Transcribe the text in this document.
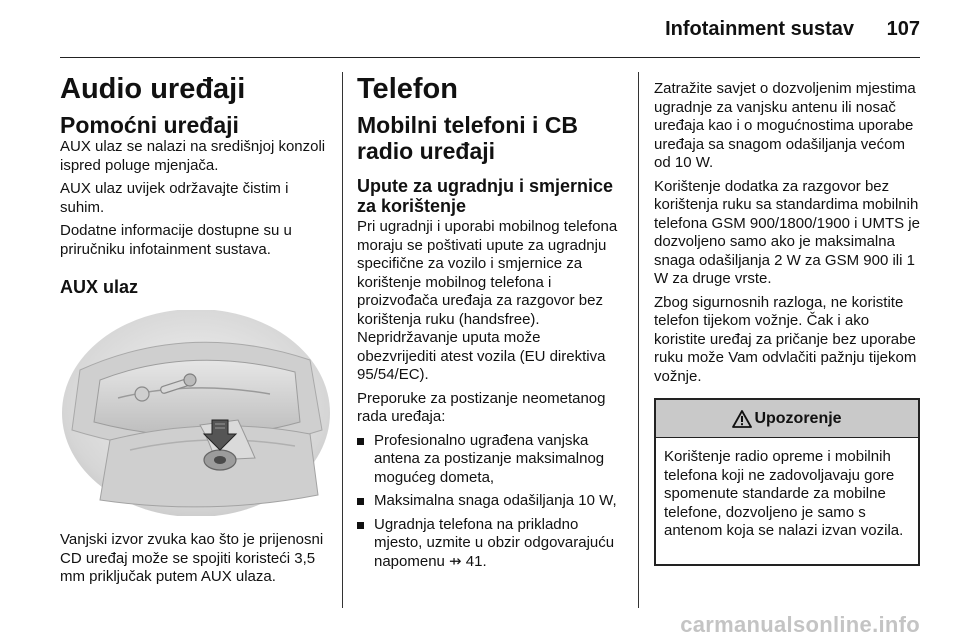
Infotainment sustav 107
Audio uređaji
Pomoćni uređaji

AUX ulaz se nalazi na središnjoj konzoli ispred poluge mjenjača.

AUX ulaz uvijek održavajte čistim i suhim.

Dodatne informacije dostupne su u priručniku infotainment sustava.

AUX ulaz

Vanjski izvor zvuka kao što je prijenosni CD uređaj može se spojiti koristeći 3,5 mm priključak putem AUX ulaza.

Telefon
Mobilni telefoni i CB radio uređaji
Upute za ugradnju i smjernice za korištenje

Pri ugradnji i uporabi mobilnog telefona moraju se poštivati upute za ugradnju specifične za vozilo i smjernice za korištenje mobilnog telefona i proizvođača uređaja za razgovor bez korištenja ruku (handsfree). Nepridržavanje uputa može obezvrijediti atest vozila (EU direktiva 95/54/EC).

Preporuke za postizanje neometanog rada uređaja:

Profesionalno ugrađena vanjska antena za postizanje maksimalnog mogućeg dometa,
Maksimalna snaga odašiljanja 10 W,
Ugradnja telefona na prikladno mjesto, uzmite u obzir odgovarajuću napomenu ⇸ 41.

Zatražite savjet o dozvoljenim mjestima ugradnje za vanjsku antenu ili nosač uređaja kao i o mogućnostima uporabe uređaja sa snagom odašiljanja većom od 10 W.

Korištenje dodatka za razgovor bez korištenja ruku sa standardima mobilnih telefona GSM 900/1800/1900 i UMTS je dozvoljeno samo ako je maksimalna snaga odašiljanja 2 W za GSM 900 ili 1 W za druge vrste.

Zbog sigurnosnih razloga, ne koristite telefon tijekom vožnje. Čak i ako koristite uređaj za pričanje bez uporabe ruku može Vam odvlačiti pažnju tijekom vožnje.

Upozorenje
Korištenje radio opreme i mobilnih telefona koji ne zadovoljavaju gore spomenute standarde za mobilne telefone, dozvoljeno je samo s antenom koja se nalazi izvan vozila.
carmanualsonline.info
